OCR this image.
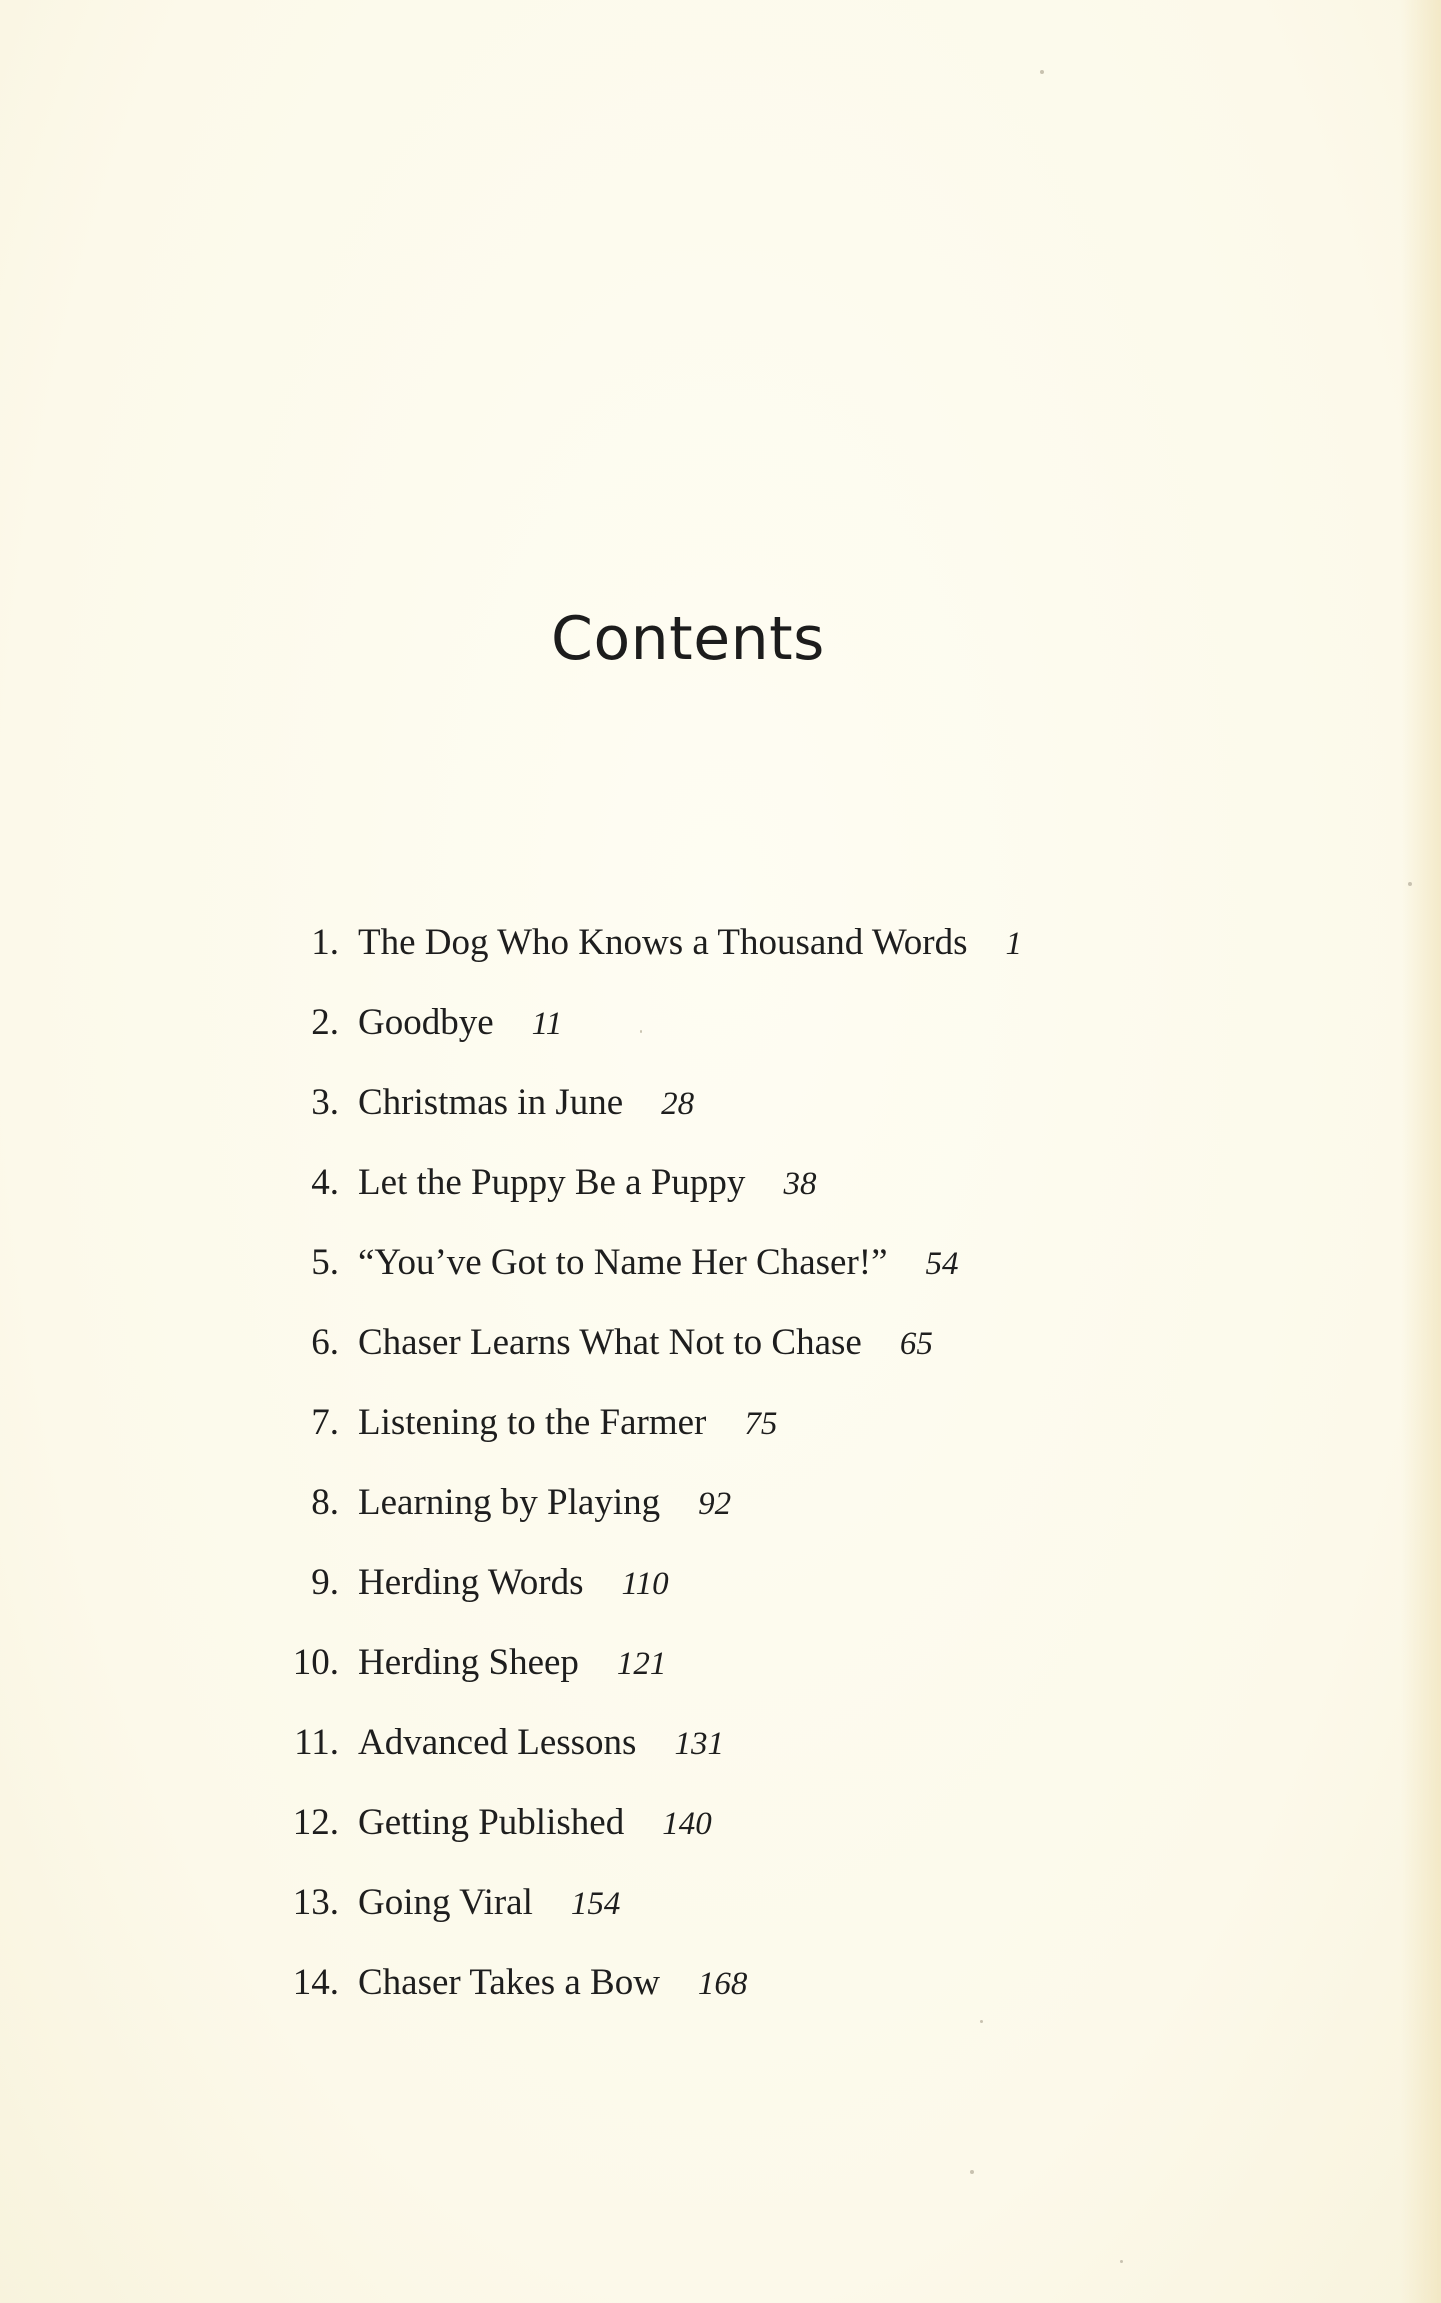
Contents
1. The Dog Who Knows a Thousand Words 1
2. Goodbye 11
3. Christmas in June 28
4. Let the Puppy Be a Puppy 38
5. “You’ve Got to Name Her Chaser!” 54
6. Chaser Learns What Not to Chase 65
7. Listening to the Farmer 75
8. Learning by Playing 92
9. Herding Words 110
10. Herding Sheep 121
11. Advanced Lessons 131
12. Getting Published 140
13. Going Viral 154
14. Chaser Takes a Bow 168
